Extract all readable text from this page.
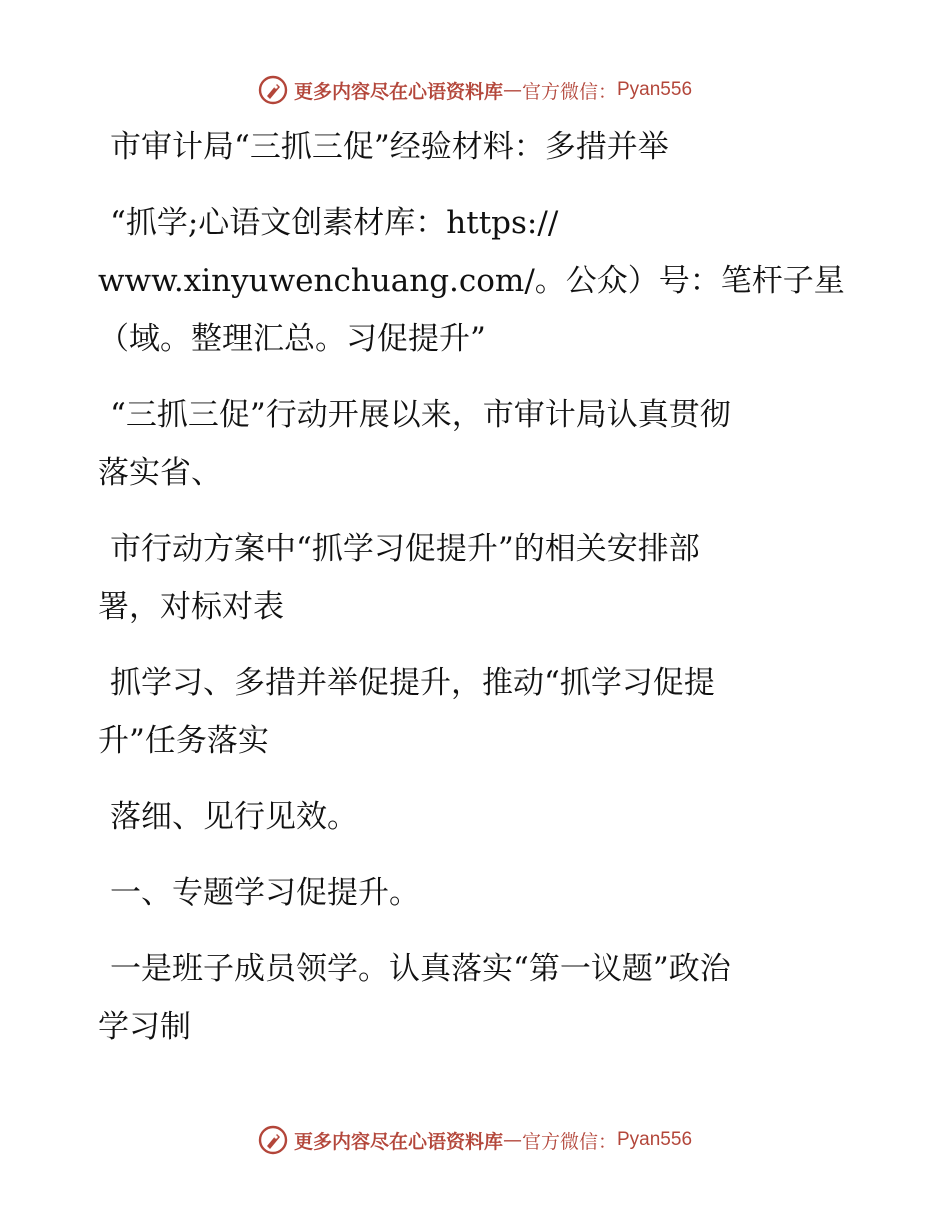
更多内容尽在心语资料库 — 官方微信： Pyan556
市审计局“三抓三促”经验材料：多措并举
“抓学;心语文创素材库：https://
www.xinyuwenchuang.com/。公众）号：笔杆子星
（域。整理汇总。习促提升”
“三抓三促”行动开展以来，市审计局认真贯彻
落实省、
市行动方案中“抓学习促提升”的相关安排部
署，对标对表
抓学习、多措并举促提升，推动“抓学习促提
升”任务落实
落细、见行见效。
一、专题学习促提升。
一是班子成员领学。认真落实“第一议题”政治
学习制
更多内容尽在心语资料库 — 官方微信： Pyan556
